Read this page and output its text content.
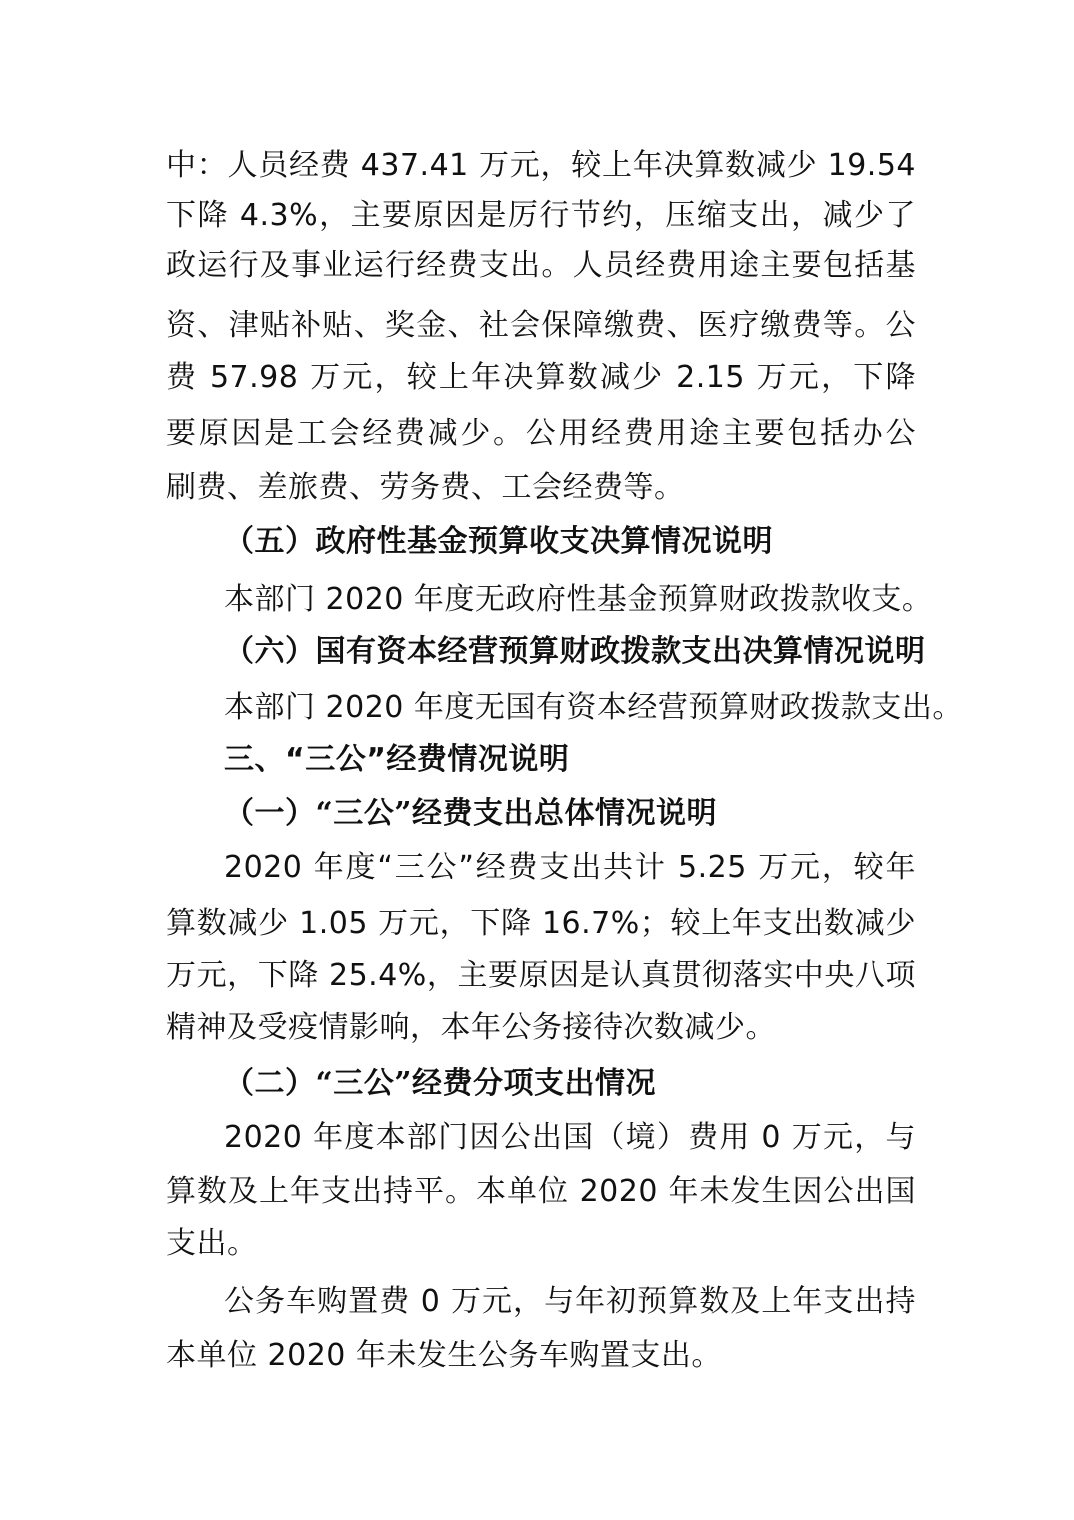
中：人员经费 437.41 万元，较上年决算数减少 19.54

下降 4.3%，主要原因是厉行节约，压缩支出，减少了

政运行及事业运行经费支出。人员经费用途主要包括基

资、津贴补贴、奖金、社会保障缴费、医疗缴费等。公

费 57.98 万元，较上年决算数减少 2.15 万元，下降

要原因是工会经费减少。公用经费用途主要包括办公

刷费、差旅费、劳务费、工会经费等。

（五）政府性基金预算收支决算情况说明

本部门 2020 年度无政府性基金预算财政拨款收支。

（六）国有资本经营预算财政拨款支出决算情况说明

本部门 2020 年度无国有资本经营预算财政拨款支出。

三、“三公”经费情况说明

（一）“三公”经费支出总体情况说明

2020 年度“三公”经费支出共计 5.25 万元，较年

算数减少 1.05 万元，下降 16.7%；较上年支出数减少

万元，下降 25.4%，主要原因是认真贯彻落实中央八项

精神及受疫情影响，本年公务接待次数减少。

（二）“三公”经费分项支出情况

2020 年度本部门因公出国（境）费用 0 万元，与

算数及上年支出持平。本单位 2020 年未发生因公出国

支出。

公务车购置费 0 万元，与年初预算数及上年支出持

本单位 2020 年未发生公务车购置支出。
